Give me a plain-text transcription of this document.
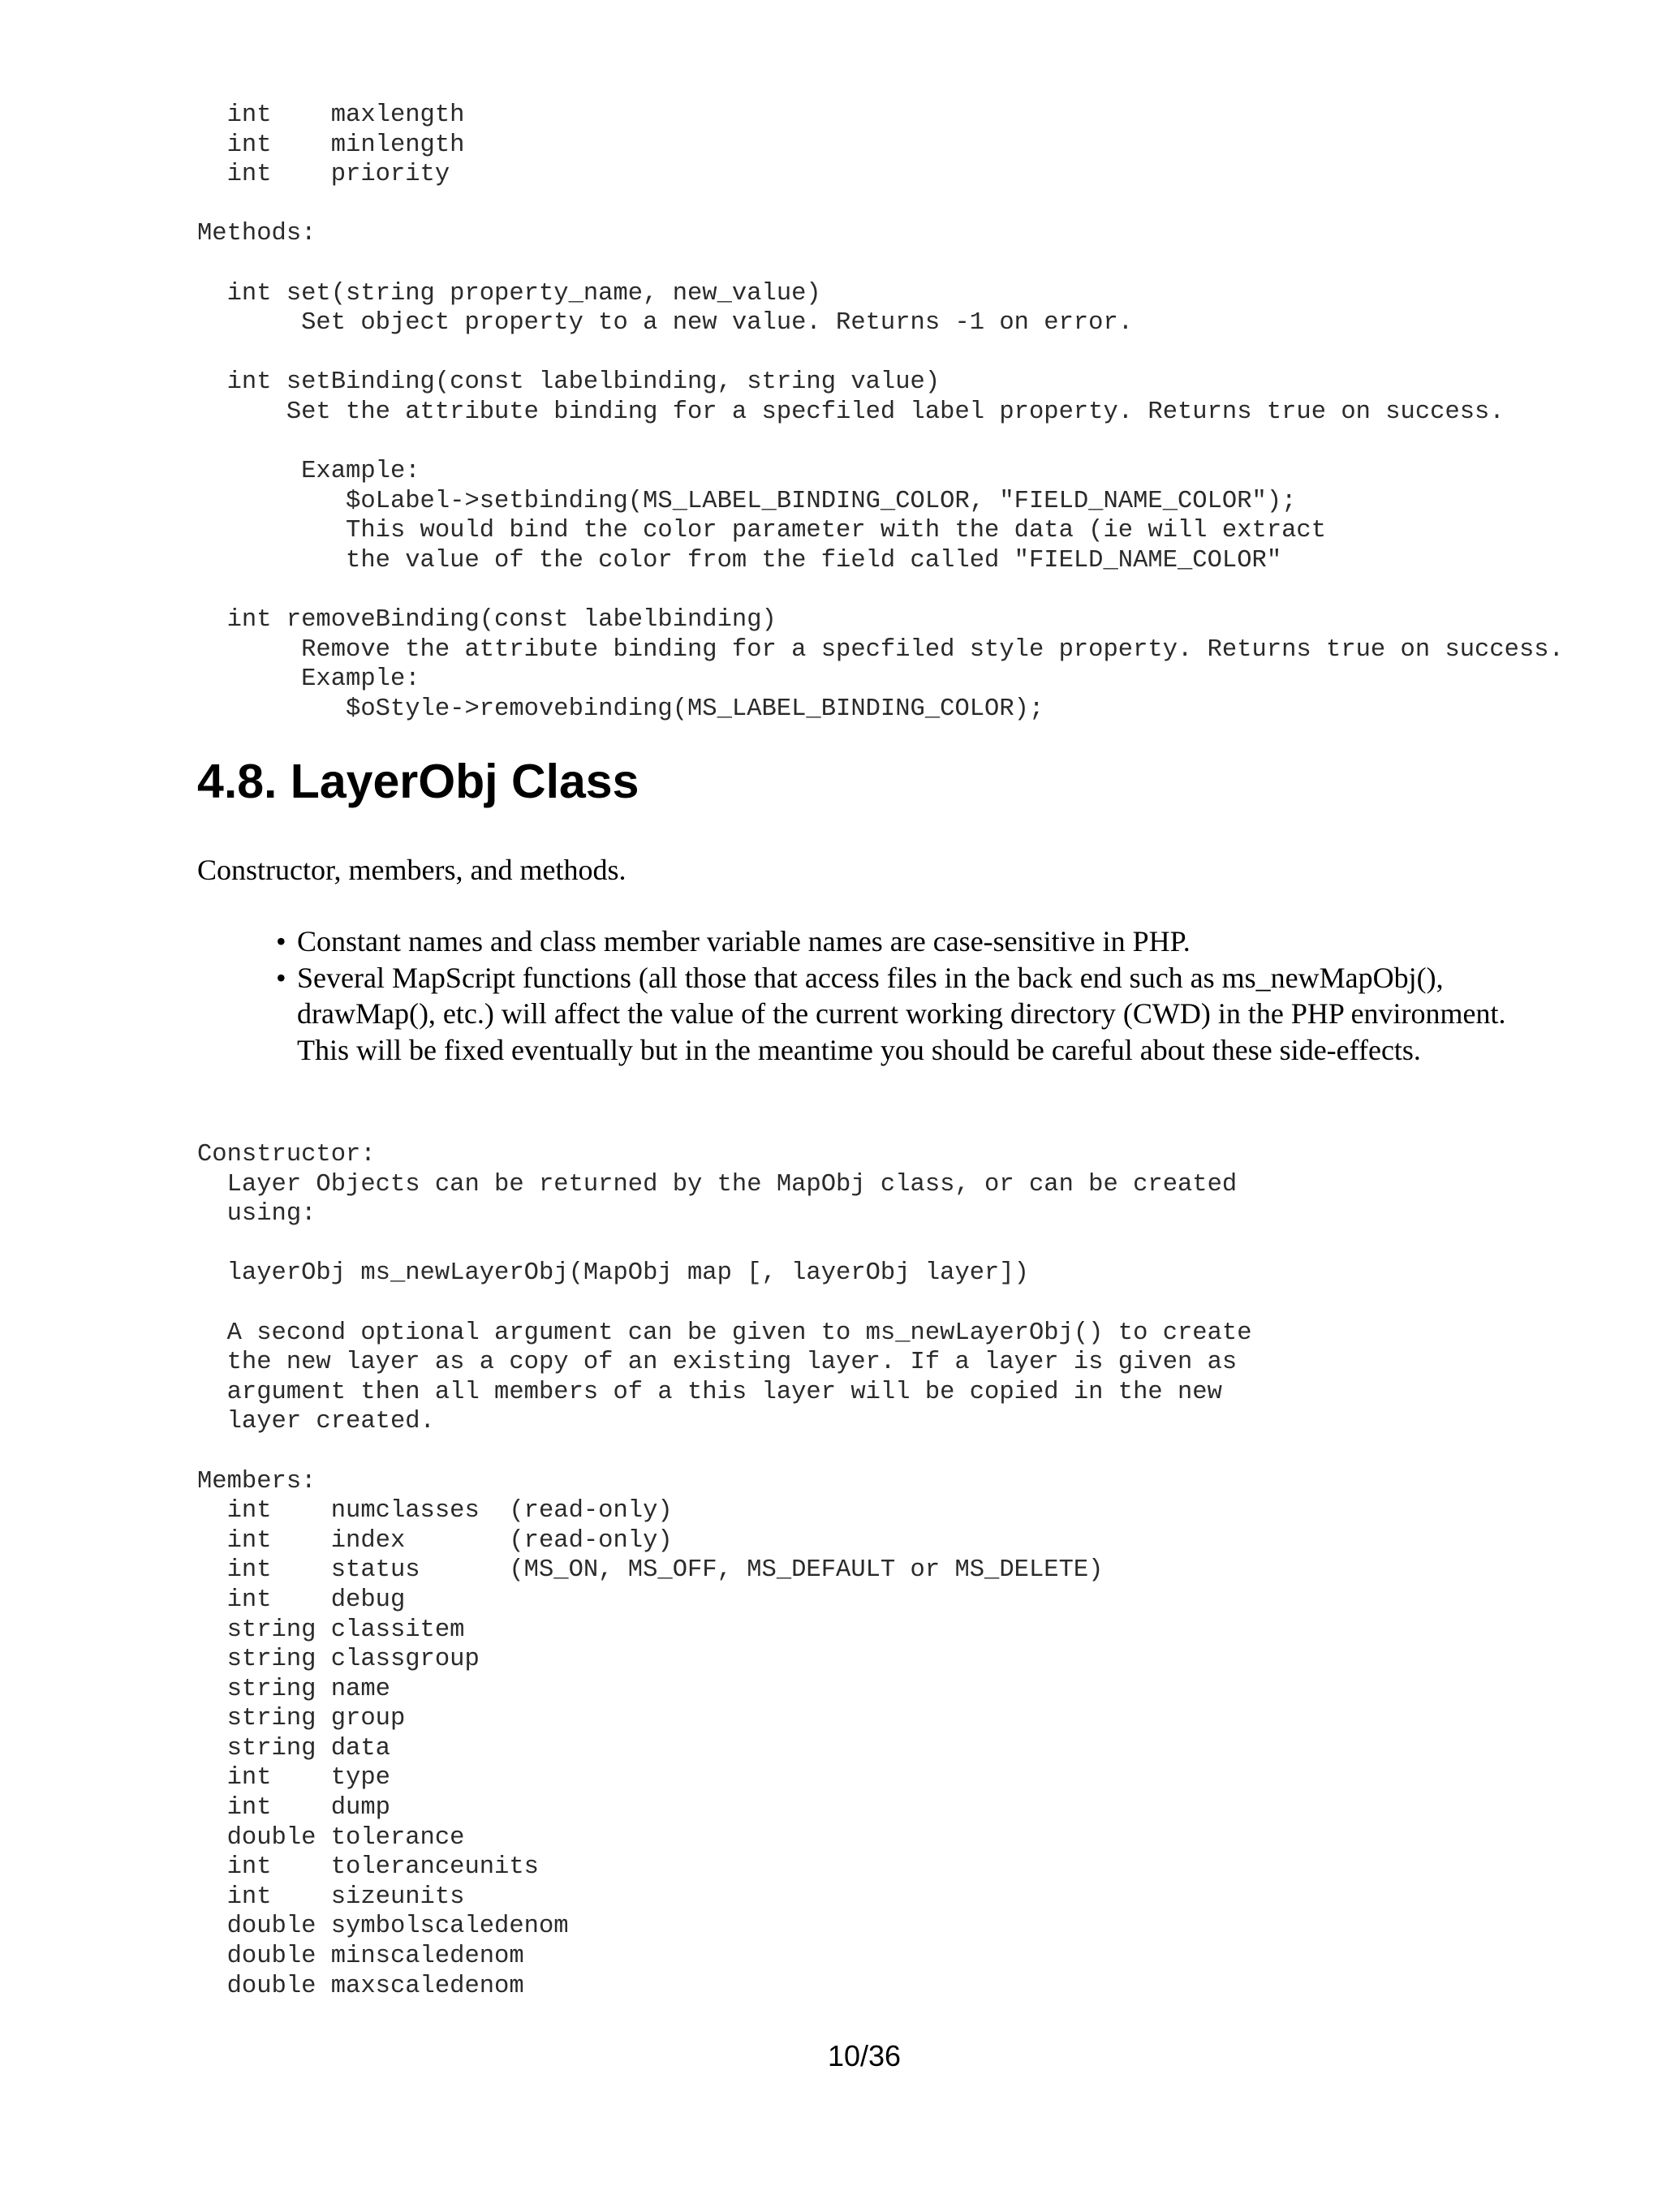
int    maxlength
int    minlength
int    priority

Methods:

int set(string property_name, new_value)
Set object property to a new value. Returns -1 on error.

int setBinding(const labelbinding, string value)
Set the attribute binding for a specfiled label property. Returns true on success.

Example:
$oLabel->setbinding(MS_LABEL_BINDING_COLOR, "FIELD_NAME_COLOR");
This would bind the color parameter with the data (ie will extract
the value of the color from the field called "FIELD_NAME_COLOR"

int removeBinding(const labelbinding)
Remove the attribute binding for a specfiled style property. Returns true on success.
Example:
$oStyle->removebinding(MS_LABEL_BINDING_COLOR);
4.8. LayerObj Class

Constructor, members, and methods.

• Constant names and class member variable names are case-sensitive in PHP.
• Several MapScript functions (all those that access files in the back end such as ms_newMapObj(), drawMap(), etc.) will affect the value of the current working directory (CWD) in the PHP environment. This will be fixed eventually but in the meantime you should be careful about these side-effects.
Constructor:
Layer Objects can be returned by the MapObj class, or can be created
using:

layerObj ms_newLayerObj(MapObj map [, layerObj layer])

A second optional argument can be given to ms_newLayerObj() to create
the new layer as a copy of an existing layer. If a layer is given as
argument then all members of a this layer will be copied in the new
layer created.

Members:
int    numclasses  (read-only)
int    index       (read-only)
int    status      (MS_ON, MS_OFF, MS_DEFAULT or MS_DELETE)
int    debug
string classitem
string classgroup
string name
string group
string data
int    type
int    dump
double tolerance
int    toleranceunits
int    sizeunits
double symbolscaledenom
double minscaledenom
double maxscaledenom
10/36
